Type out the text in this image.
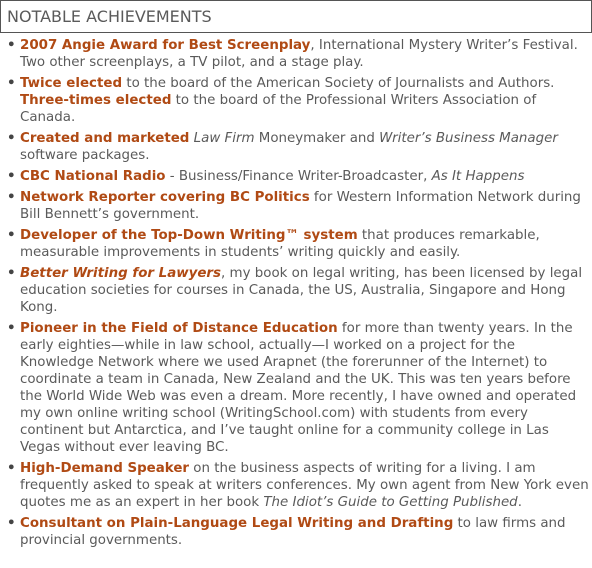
NOTABLE ACHIEVEMENTS
• 2007 Angie Award for Best Screenplay, International Mystery Writer’s Festival. Two other screenplays, a TV pilot, and a stage play.
• Twice elected to the board of the American Society of Journalists and Authors. Three-times elected to the board of the Professional Writers Association of Canada.
• Created and marketed Law Firm Moneymaker and Writer’s Business Manager software packages.
• CBC National Radio - Business/Finance Writer-Broadcaster, As It Happens
• Network Reporter covering BC Politics for Western Information Network during Bill Bennett’s government.
• Developer of the Top-Down Writing™ system that produces remarkable, measurable improvements in students’ writing quickly and easily.
• Better Writing for Lawyers, my book on legal writing, has been licensed by legal education societies for courses in Canada, the US, Australia, Singapore and Hong Kong.
• Pioneer in the Field of Distance Education for more than twenty years. In the early eighties—while in law school, actually—I worked on a project for the Knowledge Network where we used Arapnet (the forerunner of the Internet) to coordinate a team in Canada, New Zealand and the UK. This was ten years before the World Wide Web was even a dream. More recently, I have owned and operated my own online writing school (WritingSchool.com) with students from every continent but Antarctica, and I’ve taught online for a community college in Las Vegas without ever leaving BC.
• High-Demand Speaker on the business aspects of writing for a living. I am frequently asked to speak at writers conferences. My own agent from New York even quotes me as an expert in her book The Idiot’s Guide to Getting Published.
• Consultant on Plain-Language Legal Writing and Drafting to law firms and provincial governments.
